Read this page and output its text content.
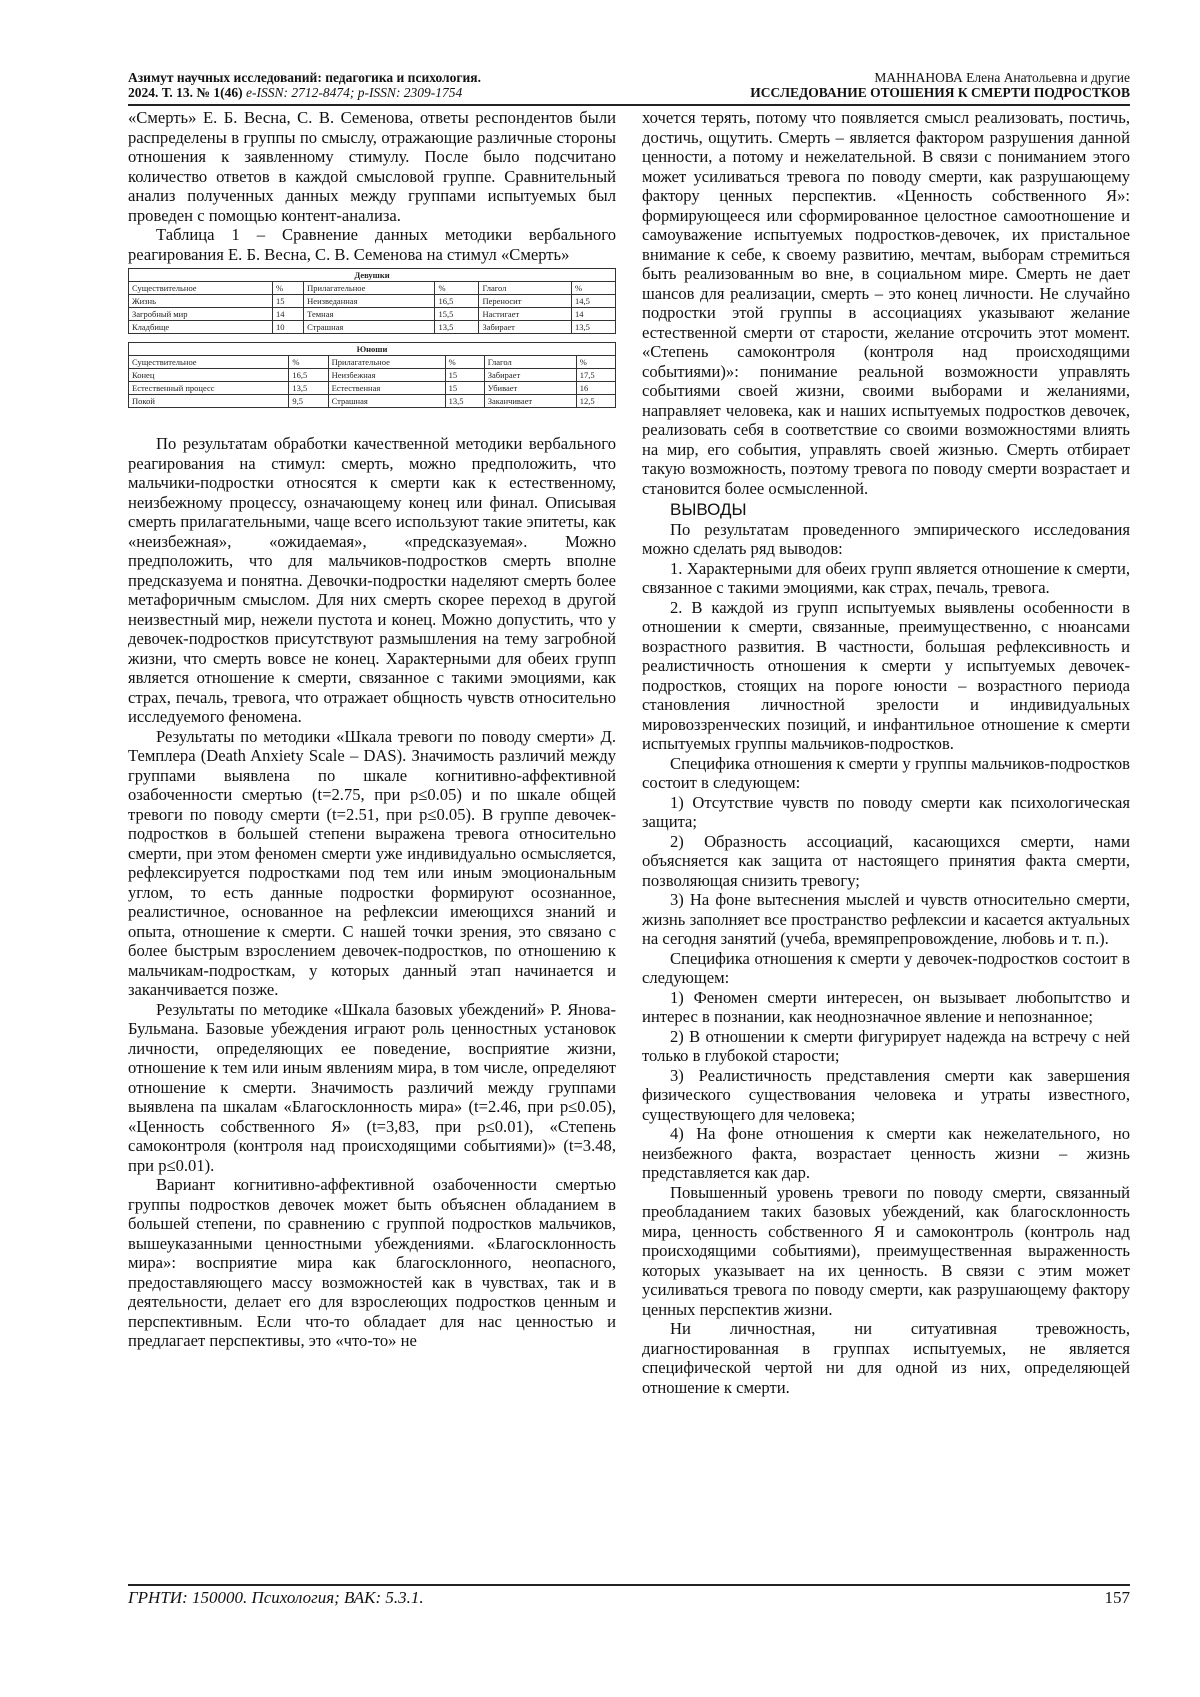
Азимут научных исследований: педагогика и психология.
2024. Т. 13. № 1(46) e-ISSN: 2712-8474; p-ISSN: 2309-1754
МАННАНОВА Елена Анатольевна и другие
ИССЛЕДОВАНИЕ ОТОШЕНИЯ К СМЕРТИ ПОДРОСТКОВ

«Смерть» Е. Б. Весна, С. В. Семенова, ответы респондентов были распределены в группы по смыслу, отражающие различные стороны отношения к заявленному стимулу. После было подсчитано количество ответов в каждой смысловой группе. Сравнительный анализ полученных данных между группами испытуемых был проведен с помощью контент-анализа.

Таблица 1 – Сравнение данных методики вербального реагирования Е. Б. Весна, С. В. Семенова на стимул «Смерть»

Девушки					
Существительное	%	Прилагательное	%	Глагол	%
Жизнь	15	Неизведанная	16,5	Переносит	14,5
Загробный мир	14	Темная	15,5	Настигает	14
Кладбище	10	Страшная	13,5	Забирает	13,5
Юноши					
Существительное	%	Прилагательное	%	Глагол	%
Конец	16,5	Неизбежная	15	Забирает	17,5
Естественный процесс	13,5	Естественная	15	Убивает	16
Покой	9,5	Страшная	13,5	Заканчивает	12,5

По результатам обработки качественной методики вербального реагирования на стимул: смерть, можно предположить, что мальчики-подростки относятся к смерти как к естественному, неизбежному процессу, означающему конец или финал. Описывая смерть прилагательными, чаще всего используют такие эпитеты, как «неизбежная», «ожидаемая», «предсказуемая». Можно предположить, что для мальчиков-подростков смерть вполне предсказуема и понятна. Девочки-подростки наделяют смерть более метафоричным смыслом. Для них смерть скорее переход в другой неизвестный мир, нежели пустота и конец. Можно допустить, что у девочек-подростков присутствуют размышления на тему загробной жизни, что смерть вовсе не конец. Характерными для обеих групп является отношение к смерти, связанное с такими эмоциями, как страх, печаль, тревога, что отражает общность чувств относительно исследуемого феномена.

Результаты по методики «Шкала тревоги по поводу смерти» Д. Темплера (Death Anxiety Scale – DAS). Значимость различий между группами выявлена по шкале когнитивно-аффективной озабоченности смертью (t=2.75, при p≤0.05) и по шкале общей тревоги по поводу смерти (t=2.51, при p≤0.05). В группе девочек-подростков в большей степени выражена тревога относительно смерти, при этом феномен смерти уже индивидуально осмысляется, рефлексируется подростками под тем или иным эмоциональным углом, то есть данные подростки формируют осознанное, реалистичное, основанное на рефлексии имеющихся знаний и опыта, отношение к смерти. С нашей точки зрения, это связано с более быстрым взрослением девочек-подростков, по отношению к мальчикам-подросткам, у которых данный этап начинается и заканчивается позже.

Результаты по методике «Шкала базовых убеждений» Р. Янова-Бульмана. Базовые убеждения играют роль ценностных установок личности, определяющих ее поведение, восприятие жизни, отношение к тем или иным явлениям мира, в том числе, определяют отношение к смерти. Значимость различий между группами выявлена па шкалам «Благосклонность мира» (t=2.46, при p≤0.05), «Ценность собственного Я» (t=3,83, при p≤0.01), «Степень самоконтроля (контроля над происходящими событиями)» (t=3.48, при p≤0.01).

Вариант когнитивно-аффективной озабоченности смертью группы подростков девочек может быть объяснен обладанием в большей степени, по сравнению с группой подростков мальчиков, вышеуказанными ценностными убеждениями. «Благосклонность мира»: восприятие мира как благосклонного, неопасного, предоставляющего массу возможностей как в чувствах, так и в деятельности, делает его для взрослеющих подростков ценным и перспективным. Если что-то обладает для нас ценностью и предлагает перспективы, это «что-то» не

хочется терять, потому что появляется смысл реализовать, постичь, достичь, ощутить. Смерть – является фактором разрушения данной ценности, а потому и нежелательной. В связи с пониманием этого может усиливаться тревога по поводу смерти, как разрушающему фактору ценных перспектив. «Ценность собственного Я»: формирующееся или сформированное целостное самоотношение и самоуважение испытуемых подростков-девочек, их пристальное внимание к себе, к своему развитию, мечтам, выборам стремиться быть реализованным во вне, в социальном мире. Смерть не дает шансов для реализации, смерть – это конец личности. Не случайно подростки этой группы в ассоциациях указывают желание естественной смерти от старости, желание отсрочить этот момент. «Степень самоконтроля (контроля над происходящими событиями)»: понимание реальной возможности управлять событиями своей жизни, своими выборами и желаниями, направляет человека, как и наших испытуемых подростков девочек, реализовать себя в соответствие со своими возможностями влиять на мир, его события, управлять своей жизнью. Смерть отбирает такую возможность, поэтому тревога по поводу смерти возрастает и становится более осмысленной.

ВЫВОДЫ

По результатам проведенного эмпирического исследования можно сделать ряд выводов:

1. Характерными для обеих групп является отношение к смерти, связанное с такими эмоциями, как страх, печаль, тревога.

2. В каждой из групп испытуемых выявлены особенности в отношении к смерти, связанные, преимущественно, с нюансами возрастного развития. В частности, большая рефлексивность и реалистичность отношения к смерти у испытуемых девочек-подростков, стоящих на пороге юности – возрастного периода становления личностной зрелости и индивидуальных мировоззренческих позиций, и инфантильное отношение к смерти испытуемых группы мальчиков-подростков.

Специфика отношения к смерти у группы мальчиков-подростков состоит в следующем:

1) Отсутствие чувств по поводу смерти как психологическая защита;

2) Образность ассоциаций, касающихся смерти, нами объясняется как защита от настоящего принятия факта смерти, позволяющая снизить тревогу;

3) На фоне вытеснения мыслей и чувств относительно смерти, жизнь заполняет все пространство рефлексии и касается актуальных на сегодня занятий (учеба, времяпрепровождение, любовь и т. п.).

Специфика отношения к смерти у девочек-подростков состоит в следующем:

1) Феномен смерти интересен, он вызывает любопытство и интерес в познании, как неоднозначное явление и непознанное;

2) В отношении к смерти фигурирует надежда на встречу с ней только в глубокой старости;

3) Реалистичность представления смерти как завершения физического существования человека и утраты известного, существующего для человека;

4) На фоне отношения к смерти как нежелательного, но неизбежного факта, возрастает ценность жизни – жизнь представляется как дар.

Повышенный уровень тревоги по поводу смерти, связанный преобладанием таких базовых убеждений, как благосклонность мира, ценность собственного Я и самоконтроль (контроль над происходящими событиями), преимущественная выраженность которых указывает на их ценность. В связи с этим может усиливаться тревога по поводу смерти, как разрушающему фактору ценных перспектив жизни.

Ни личностная, ни ситуативная тревожность, диагностированная в группах испытуемых, не является специфической чертой ни для одной из них, определяющей отношение к смерти.

ГРНТИ: 150000. Психология; ВАК: 5.3.1.	157
